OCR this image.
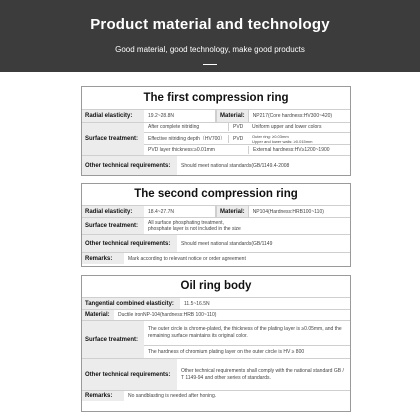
Product material and technology
Good material, good technology, make good products
The first compression ring
Radial elasticity:	19.2~28.8N	Material:	NP217(Core hardness:HV300~420)
Surface treatment:
After complete nitriding	PVD	Uniform upper and lower colors
Effective nitriding depth（HV700）	PVD	Outer ring: ≥0.03mm
Upper and lower walls: ≥0.015mm
PVD layer thickness:≥0.01mm	External hardness:HV≥1200~1900
Other technical requirements:	Should meet national standards(GB/1149.4-2008
The second compression ring
Radial elasticity:	18.4~27.7N	Material:	NP104(Hardness:HRB100~110)
Surface treatment:	All surface phosphating treatment,
phosphate layer is not included in the size
Other technical requirements:	Should meet national standards(GB/1149
Remarks:	Mark according to relevant notice or order agreement
Oil ring body
Tangential combined elasticity:	11.5~16.5N
Material:	Ductile ironNP-104(hardness:HRB 100~110)
Surface treatment:
The outer circle is chrome-plated, the thickness of the plating layer is ≥0.05mm, and the remaining surface maintains its original color.
The hardness of chromium plating layer on the outer circle is HV ≥ 800
Other technical requirements:
Other technical requirements shall comply with the national standard GB / T 1149-94 and other series of standards.
Remarks:	No sandblasting is needed after honing.
